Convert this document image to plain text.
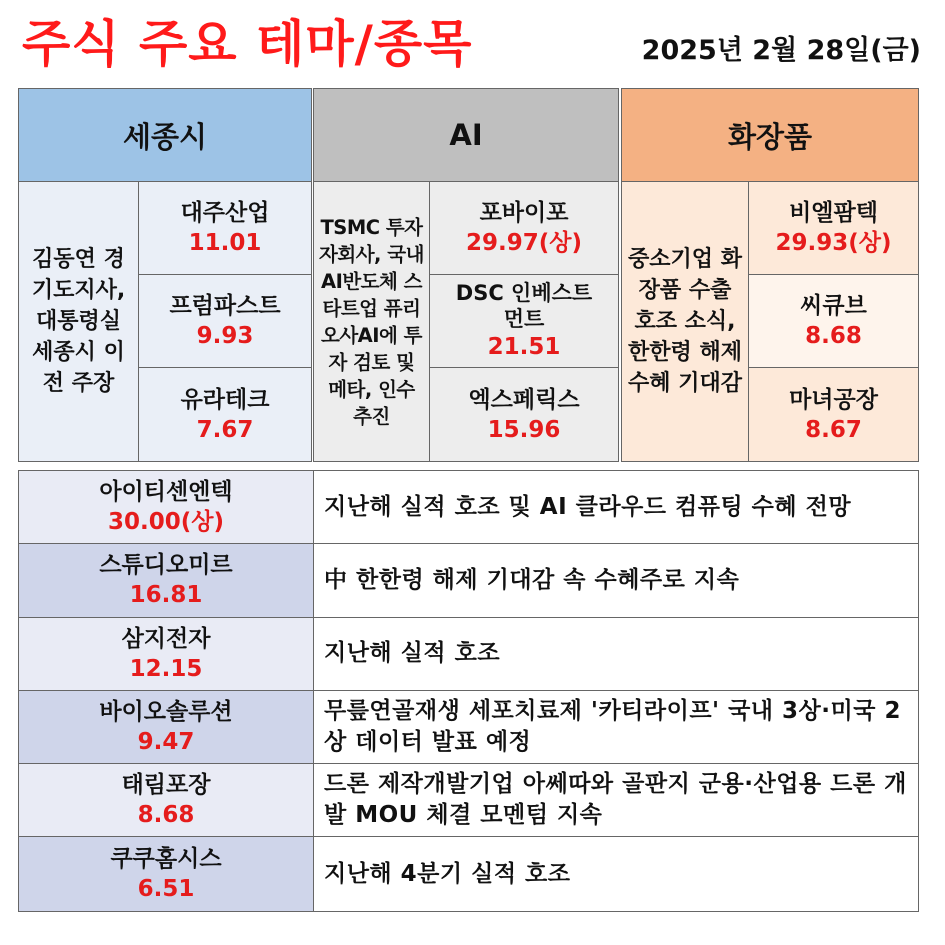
주식 주요 테마/종목	2025년 2월 28일(금)
세종시
김동연 경기도지사, 대통령실 세종시 이전 주장
대주산업
11.01
프럼파스트
9.93
유라테크
7.67
AI
TSMC 투자 자회사, 국내 AI반도체 스타트업 퓨리오사AI에 투자 검토 및 메타, 인수 추진
포바이포
29.97(상)
DSC 인베스트먼트
21.51
엑스페릭스
15.96
화장품
중소기업 화장품 수출 호조 소식, 한한령 해제 수혜 기대감
비엘팜텍
29.93(상)
씨큐브
8.68
마녀공장
8.67
아이티센엔텍
30.00(상)
지난해 실적 호조 및 AI 클라우드 컴퓨팅 수혜 전망
스튜디오미르
16.81
中 한한령 해제 기대감 속 수혜주로 지속
삼지전자
12.15
지난해 실적 호조
바이오솔루션
9.47
무릎연골재생 세포치료제 '카티라이프' 국내 3상·미국 2상 데이터 발표 예정
태림포장
8.68
드론 제작개발기업 아쎄따와 골판지 군용·산업용 드론 개발 MOU 체결 모멘텀 지속
쿠쿠홈시스
6.51
지난해 4분기 실적 호조
